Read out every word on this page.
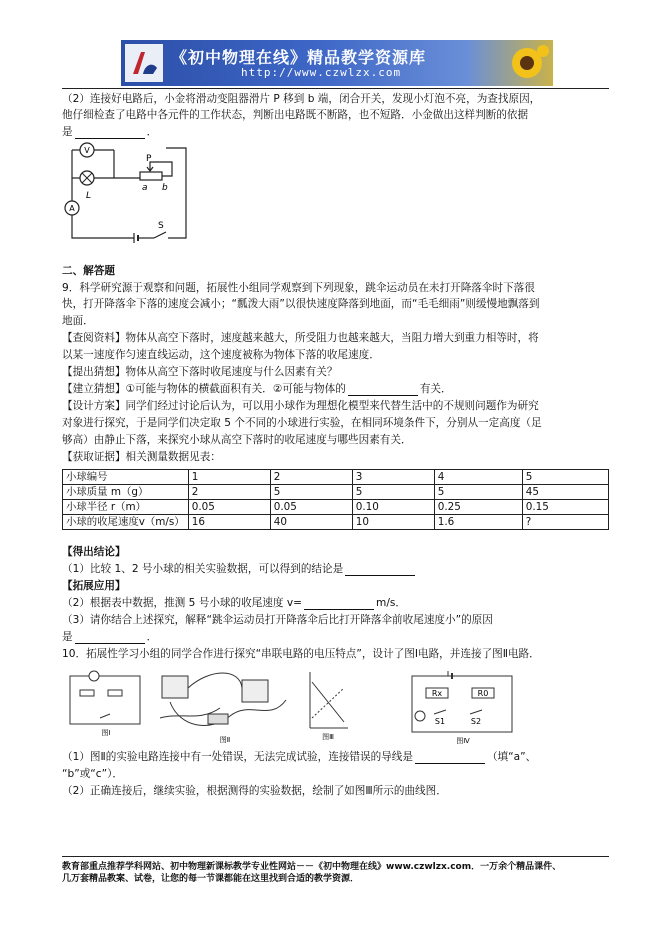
《初中物理在线》精品教学资源库
http://www.czwlzx.com
（2）连接好电路后，小金将滑动变阻器滑片 P 移到 b 端，闭合开关，发现小灯泡不亮，为查找原因，
他仔细检查了电路中各元件的工作状态，判断出电路既不断路，也不短路．小金做出这样判断的依据
是	．
V
A
P
a b
L
S
二、解答题
9．科学研究源于观察和问题，拓展性小组同学观察到下列现象，跳伞运动员在未打开降落伞时下落很
快，打开降落伞下落的速度会减小；“瓢泼大雨”以很快速度降落到地面，而“毛毛细雨”则缓慢地飘落到
地面．
【查阅资料】物体从高空下落时，速度越来越大，所受阻力也越来越大，当阻力增大到重力相等时，将
以某一速度作匀速直线运动，这个速度被称为物体下落的收尾速度．
【提出猜想】物体从高空下落时收尾速度与什么因素有关？
【建立猜想】①可能与物体的横截面积有关．②可能与物体的	有关．
【设计方案】同学们经过讨论后认为，可以用小球作为理想化模型来代替生活中的不规则问题作为研究
对象进行探究，于是同学们决定取 5 个不同的小球进行实验，在相同环境条件下，分别从一定高度（足
够高）由静止下落，来探究小球从高空下落时的收尾速度与哪些因素有关．
【获取证据】相关测量数据见表：
小球编号	1	2	3	4	5
小球质量 m（g）	2	5	5	5	45
小球半径 r（m）	0.05	0.05	0.10	0.25	0.15
小球的收尾速度v（m/s）	16	40	10	1.6	?
【得出结论】
（1）比较 1、2 号小球的相关实验数据，可以得到的结论是
【拓展应用】
（2）根据表中数据，推测 5 号小球的收尾速度 v=	m/s．
（3）请你结合上述探究，解释“跳伞运动员打开降落伞后比打开降落伞前收尾速度小”的原因
是	．
10．拓展性学习小组的同学合作进行探究“串联电路的电压特点”，设计了图Ⅰ电路，并连接了图Ⅱ电路．
图Ⅰ
图Ⅱ	图Ⅲ
Rx	R0
S1	S2
图Ⅳ
（1）图Ⅱ的实验电路连接中有一处错误，无法完成试验，连接错误的导线是	（填“a”、
“b”或“c”）．
（2）正确连接后，继续实验，根据测得的实验数据，绘制了如图Ⅲ所示的曲线图．
教育部重点推荐学科网站、初中物理新课标教学专业性网站－－《初中物理在线》www.czwlzx.com．一万余个精品课件、
几万套精品教案、试卷，让您的每一节课都能在这里找到合适的教学资源．
